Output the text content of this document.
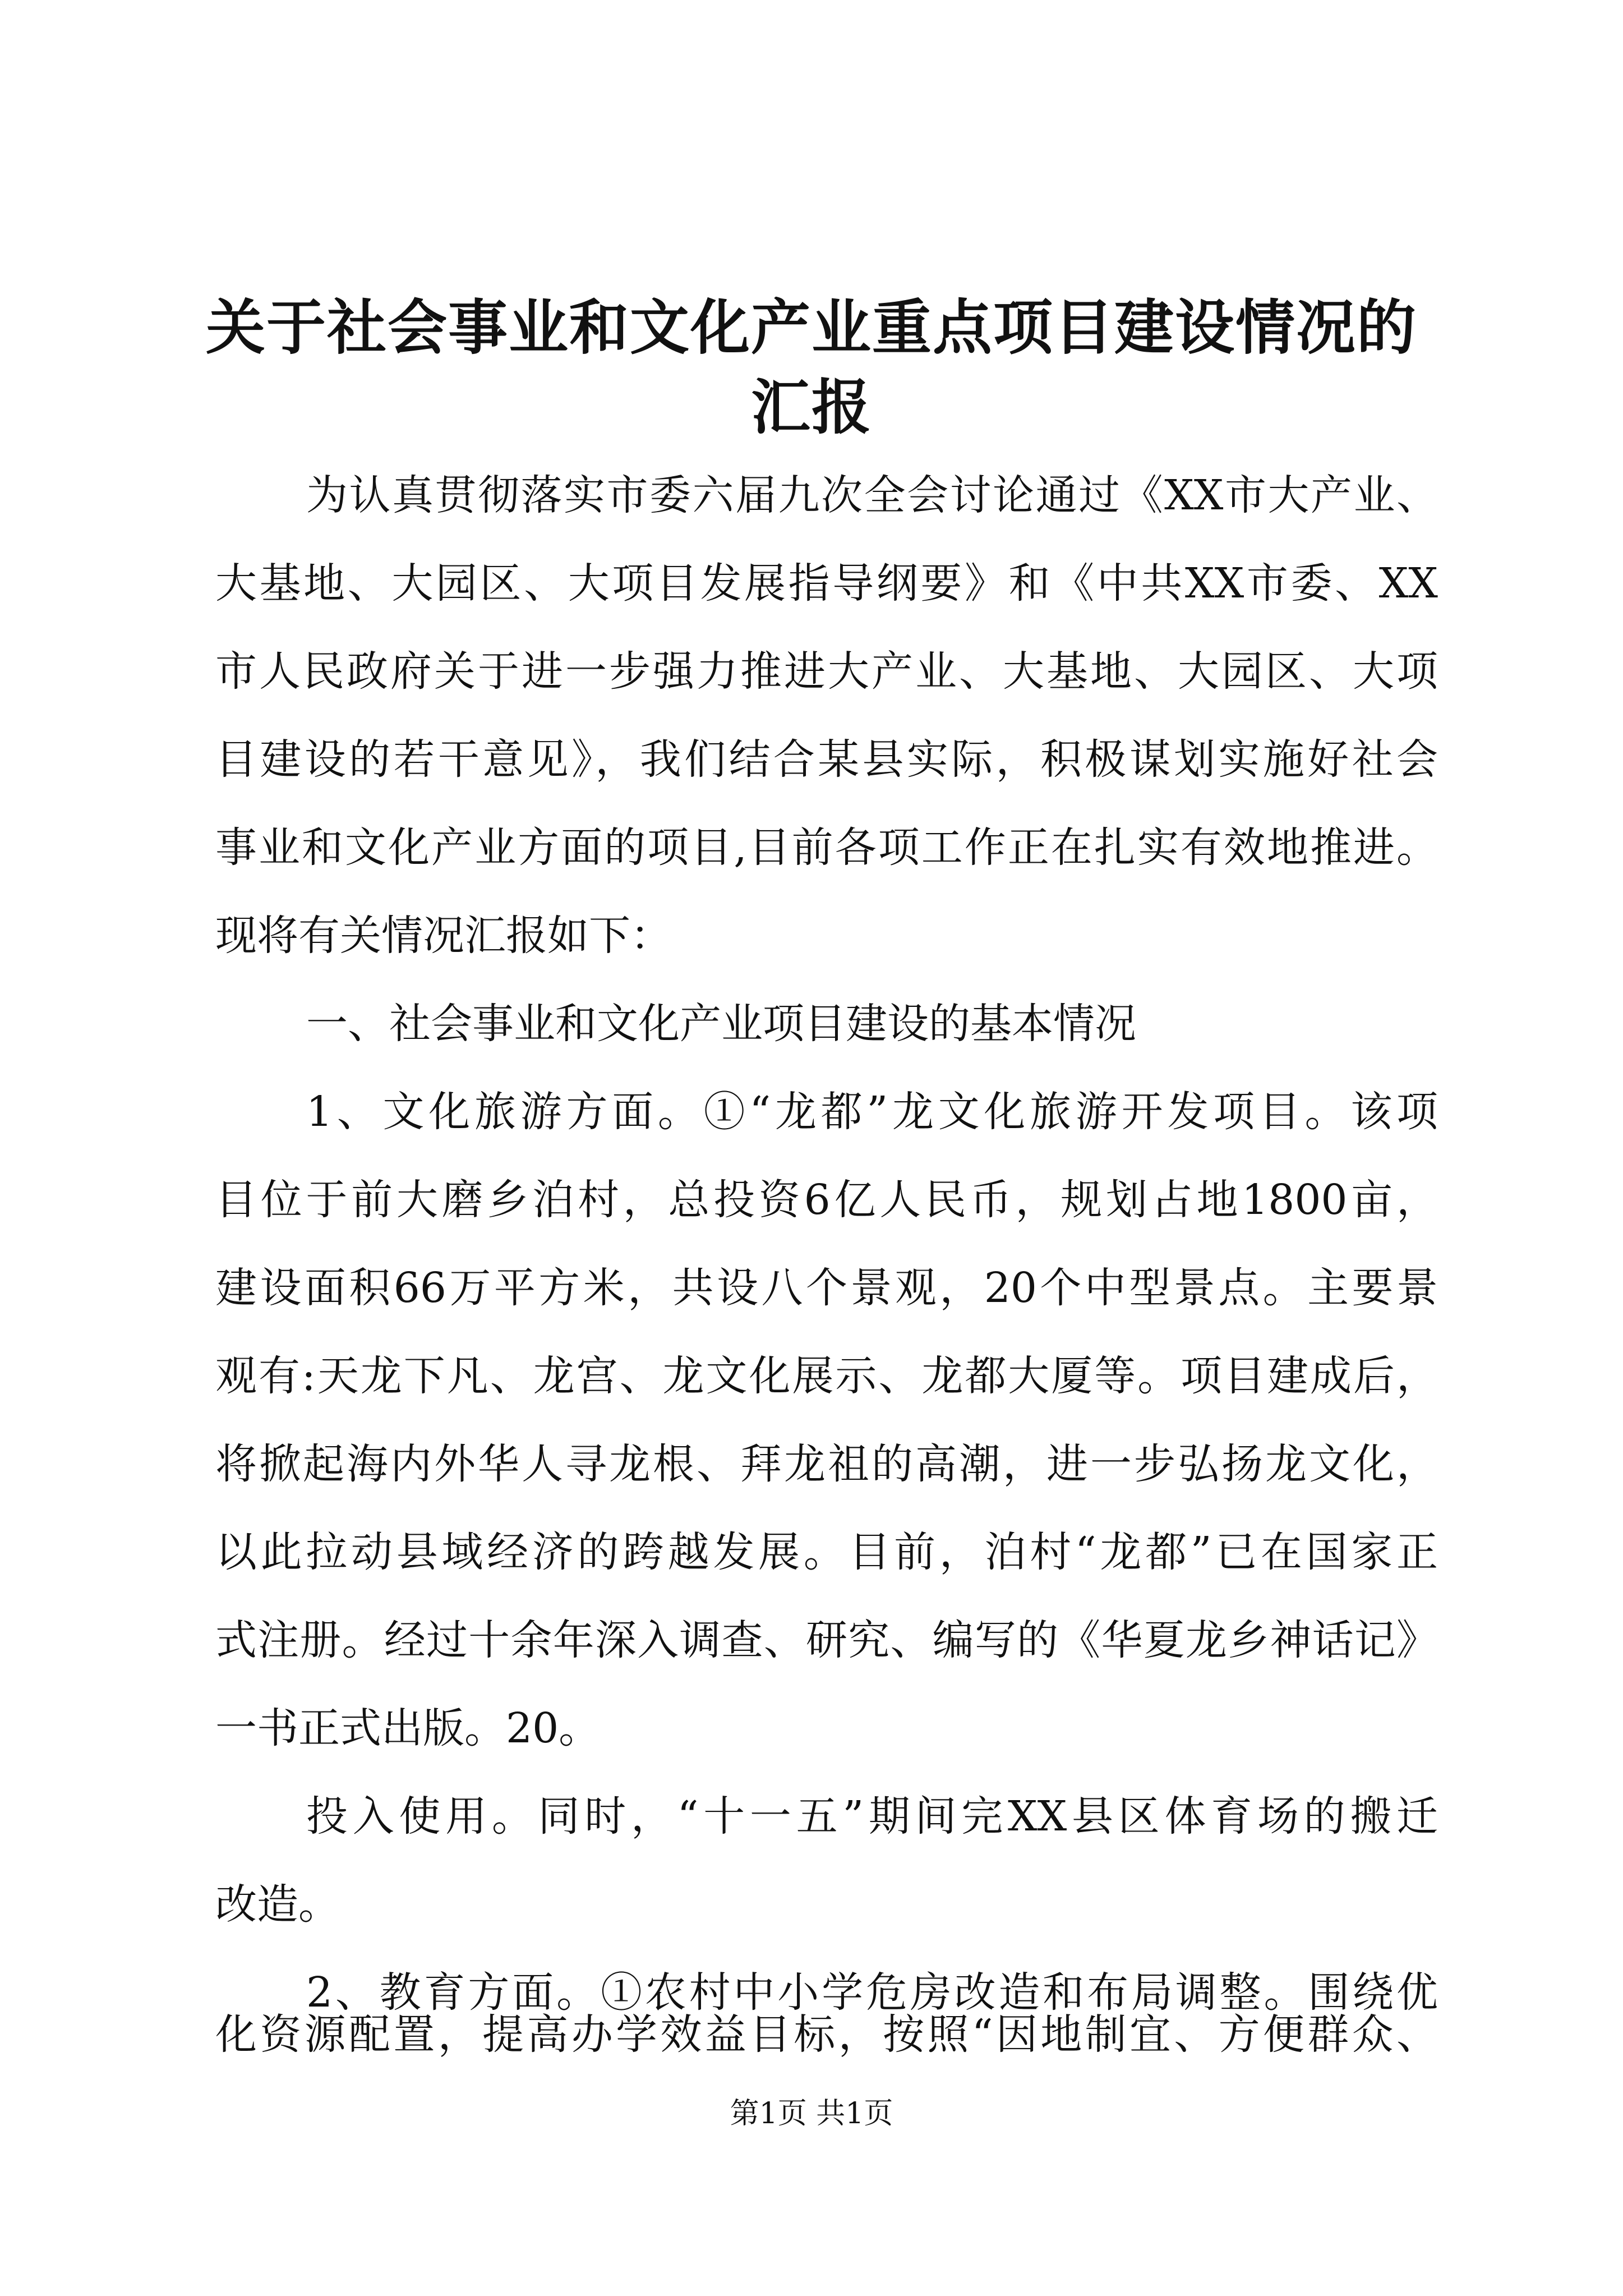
关于社会事业和文化产业重点项目建设情况的
汇报

为认真贯彻落实市委六届九次全会讨论通过《XX市大产业、

大基地、大园区、大项目发展指导纲要》和《中共XX市委、XX

市人民政府关于进一步强力推进大产业、大基地、大园区、大项

目建设的若干意见》，我们结合某县实际，积极谋划实施好社会

事业和文化产业方面的项目,目前各项工作正在扎实有效地推进。

现将有关情况汇报如下：

一、社会事业和文化产业项目建设的基本情况

1、文化旅游方面。①“龙都”龙文化旅游开发项目。该项

目位于前大磨乡泊村，总投资6亿人民币，规划占地1800亩，

建设面积66万平方米，共设八个景观，20个中型景点。主要景

观有:天龙下凡、龙宫、龙文化展示、龙都大厦等。项目建成后，

将掀起海内外华人寻龙根、拜龙祖的高潮，进一步弘扬龙文化，

以此拉动县域经济的跨越发展。目前，泊村“龙都”已在国家正

式注册。经过十余年深入调查、研究、编写的《华夏龙乡神话记》

一书正式出版。20。

投入使用。同时，“十一五”期间完XX县区体育场的搬迁

改造。

2、教育方面。①农村中小学危房改造和布局调整。围绕优

化资源配置，提高办学效益目标，按照“因地制宜、方便群众、

第1页 共1页
